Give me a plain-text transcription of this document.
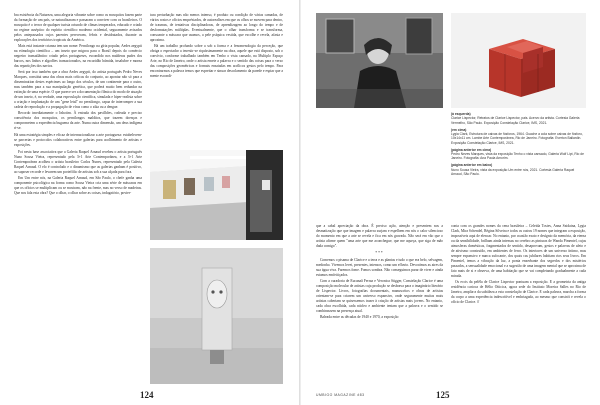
bra existência da Natureza, uma alegoria vibrante sobre como os mosquitos fazem parte da formação de um país, se naturalizaram e passaram a conviver com os brasileiros. O mosquito é o terror de qualquer turista oriundo de climas temperados, educado e criado no regime asséptico do espírito científico moderno ocidental, seguramente avisados pelos antepassados cujos parentes pereceram, febris e desidratados, durante as explorações dos territórios tropicais da América.

Mais está instante crianza tem um nome: Pernilongo na gíria popular, Aedes aegypti na etimologia científica – um inseto que migrou para o Brasil depois do comércio negreiro transatlântico criado pelos portugueses, escondido nos malderas pudes dos barcos, nos linhos e algodões transacionados, na escuridão húmida, insalubre e morna das repartições dos navios.

Será por isso também que a obra Aedes aegypti, do artista português Pedro Neves Marques, constitui uma das obras mais críticas do conjunto, ao apontar não só para a dissemination destes espécimes ao longo dos séculos, de um continente para o outro, mas também para a sua manipulação genética, que poderá muito bem redundar na extinção de uma espécie. O que parece ser a documentação fílmica do modo de atuação de um inseto, é, na verdade, uma especulação científica, simulada e hiper-realista sobre a criação e implantação de um "gene letal" no pernilongo, capaz de interromper a sua cadeia de reprodução e a propagação de vírus como o zika ou a dengue.

Recordo imediatamente o Inhotim. À entrada dos pavilhões, rodeada e preciso consciência dos mosquitos, os pernilongos malditos, que trazem doenças e comprometem a experiência buguena da arte. Numa outra dimensão, um deus indígena ri-se.

Há uma estratégia simples e eficaz de internacionalizar a arte portuguesa: estabelecem-se parcerias e protocolos colaborativos entre galerias para acolhimento de artistas e exposições.

Foi nesta base associativa que a Galeria Raquel Arnaud recebeu o artista português Nuno Sousa Vieira, representado pela 3+1 Arte Contemporânea, e a 3+1 Arte Contemporânea acolheu o artista brasileiro Carlos Nunes, representado pela Galeria Raquel Arnaud. O elo é controlado e o dinamismo que as galerias ganham é positivo, ao suposer recorde e levarem um portefólio de artistas sob a sua alçada para fora.

Em Um entre nós, na Galeria Raquel Arnaud, em São Paulo, o chefe ganha uma componente psicológica na forma como Sousa Vieira cria uma série de máscaras em que os ofícios se multiplicam ou se mostram, não na frente, mas no verso de madeiras. Que nos fala esta obra? Que o olhar, o olhar sobre as coisas, indagatório, povier-

tura perturbação mas não menos intenso, é produto ou condição de várias camadas, de vários rostos e ofícios empréstados, de autorealíses em que os olhos se movem para dentro, de traumas, de tentativas disciplinadoras, de aprendizagem ao longo do tempo e de desformatações múltiplas. Eventualmente, que o olhar transforma e se transforma, consoante a máscara que usamos, a pele psíquica vestida, que escolhe e revela, afasta e aproxima.

Há um trabalho profundo sobre a sob a forma e a fenomenologia da perceção, que obriga o espectador a investir-se riquíssimamente na obra, aquele que está disposto, sob o convívio, conforme trabalhado também em Tenho o vista cansado, na Multiplo Espaço Arte, no Rio de Janeiro, onde o artista emete a palavra e o sentido das coisas para o verso das composições geométricas e formais ensaiadas em acrílicos gestos pelo tempo. Para encontrarmos a palavra temos que espreitar e sinuar descolamento da parede e espiar que a mente escondi-

124
(à esquerda)
Clarice Lispector, Retratos de Clarice Lispector, pais. Acervo da artista. Cortesia Galeria Vermelho, São Paulo. Exposição Constelação Clarice, IMS, 2021.
(em cima)
Lygia Clark, Estrutura de caixas de fósforos, 1964. Guache a cola sobre caixas de fósforo, 10x14x11 cm. Lambe Arte Contemporânea, Rio de Janeiro. Fotografia: Everton Ballardin. Exposição Constelação Clarice, IMS, 2021.
(página anterior em cima)
Pedro Neves Marques, vista da exposição Tenho o vista cansado, Galeria Wolf Lipt, Rio de Janeiro. Fotografia: Ana Paula Amorim.
(página anterior em baixo)
Nuno Sousa Vieira, vista da exposição Um entre nós, 2021. Cortesia Galeria Raquel Arnaud, São Paulo.

que a cabal apreciação da obra. É preciso ação, atenção e presentem nos a desmatização que que imagem e palavra surjam e espelhem em nós o calor silencioso do momento em que a arte se revela e fica em nós gravada. Não será em vão que o artista afirme quem "uma arte que me aconchegue, que me aqueça, que siga de mão dada comigo".

***

Comemos o pisama de Clarice e a terra e as plantas e tudo o que era belo, selvagem, medonho. Vivemos levei, presentes, intensos, como um efluvio. Devorámos as aires da sua água viva. Faremos fome. Fomos sombra. Não conseguimos parar de viver e ainda estamos emfeitiçados.

Com a curadoria de Eucanaã Ferraz e Veronica Stigger, Constelação Clarice é uma composição molecular de artistas cuja produção se desbrava para o imaginário literário de Lispector. Livros, fotografias documentais, manuscritos e obras de artistas orientam-se para criarem um universo expansivo, onde seguramente muitas mais artistas caberiam se quisessemos trazer à criação de artistas mais jovens. No entanto, cada obra escolhida, cada núcleo e ambiente tentam que a palavra e o sentido se combinassem na presença atual.

Baleada entre as décadas de 1940 e 1970, a exposição

conta com os grandes nomes da cena brasileira – Celeida Tostes, Anna Szidaina, Lygia Clark, Mira Schendel, Régina Silveira e todos os outros 19 nomes que integram a exposição, impossíveis aqui de elencar. No entanto, por ocasião exato e desígnio da memória, da eterna ou da sensibilidade, brilham ainda intensas no cerebro as pinturas de Wanda Pimentel, cujas atmosferas domésticas, fragmentados de sentido, desaprovam, gestos e palavras de afeto e de ativismo construído, em ambientes de ferro. Os interiores de um universo íntimo, mas sempre expansivo e nunca sufocante, dos quais cas jubilares habitam rios seus livros. Em Pimentel, temos a vibração da luz, a ponta enxerbante dos segredos e dos mistérios passados, a sensualidade emocional e a sugestão de uma imagem mental que se aproxima de fato mais de si e observa, de uma habitação que se vai completando gradualmente a cada mirada.

Os eccis da pelêla de Clarice Lispector pontuam a exposição. E a geometria da antiga residência carioca de Hélio Oiticica, agora sede do Instituto Moreira Salles no Rio de Janeiro, amplia-a da subtileza a esta constelação de Clarice. E cada palavra, marcha a forma da corpo a uma experiência indescritível e embriagada, ao mesmo que constrói e revela o ofício de Clarice. //

UMBIGO MAGAZINE #83	125
